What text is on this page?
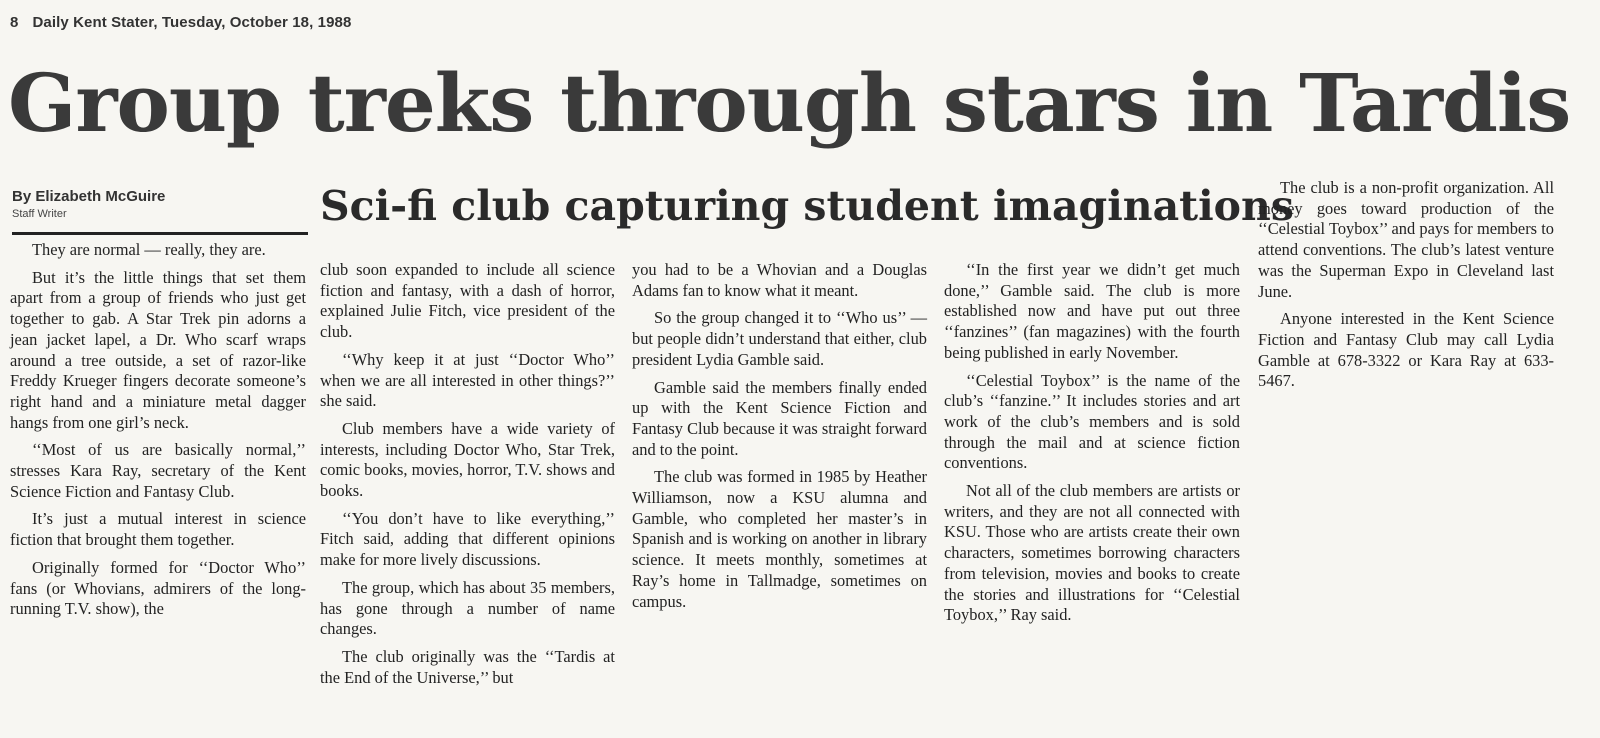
8 Daily Kent Stater, Tuesday, October 18, 1988
Group treks through stars in Tardis
By Elizabeth McGuire
Staff Writer	Sci-fi club capturing student imaginations

They are normal — really, they are.

But it’s the little things that set them apart from a group of friends who just get together to gab. A Star Trek pin adorns a jean jacket lapel, a Dr. Who scarf wraps around a tree outside, a set of razor-like Freddy Krueger fingers decorate someone’s right hand and a miniature metal dagger hangs from one girl’s neck.

‘‘Most of us are basically normal,’’ stresses Kara Ray, secretary of the Kent Science Fiction and Fantasy Club.

It’s just a mutual interest in science fiction that brought them together.

Originally formed for ‘‘Doctor Who’’ fans (or Whovians, admirers of the long-running T.V. show), the

club soon expanded to include all science fiction and fantasy, with a dash of horror, explained Julie Fitch, vice president of the club.

‘‘Why keep it at just ‘‘Doctor Who’’ when we are all interested in other things?’’ she said.

Club members have a wide variety of interests, including Doctor Who, Star Trek, comic books, movies, horror, T.V. shows and books.

‘‘You don’t have to like everything,’’ Fitch said, adding that different opinions make for more lively discussions.

The group, which has about 35 members, has gone through a number of name changes.

The club originally was the ‘‘Tardis at the End of the Universe,’’ but

you had to be a Whovian and a Douglas Adams fan to know what it meant.

So the group changed it to ‘‘Who us’’ — but people didn’t understand that either, club president Lydia Gamble said.

Gamble said the members finally ended up with the Kent Science Fiction and Fantasy Club because it was straight forward and to the point.

The club was formed in 1985 by Heather Williamson, now a KSU alumna and Gamble, who completed her master’s in Spanish and is working on another in library science. It meets monthly, sometimes at Ray’s home in Tallmadge, sometimes on campus.

‘‘In the first year we didn’t get much done,’’ Gamble said. The club is more established now and have put out three ‘‘fanzines’’ (fan magazines) with the fourth being published in early November.

‘‘Celestial Toybox’’ is the name of the club’s ‘‘fanzine.’’ It includes stories and art work of the club’s members and is sold through the mail and at science fiction conventions.

Not all of the club members are artists or writers, and they are not all connected with KSU. Those who are artists create their own characters, sometimes borrowing characters from television, movies and books to create the stories and illustrations for ‘‘Celestial Toybox,’’ Ray said.

The club is a non-profit organization. All money goes toward production of the ‘‘Celestial Toybox’’ and pays for members to attend conventions. The club’s latest venture was the Superman Expo in Cleveland last June.

Anyone interested in the Kent Science Fiction and Fantasy Club may call Lydia Gamble at 678-3322 or Kara Ray at 633-5467.
